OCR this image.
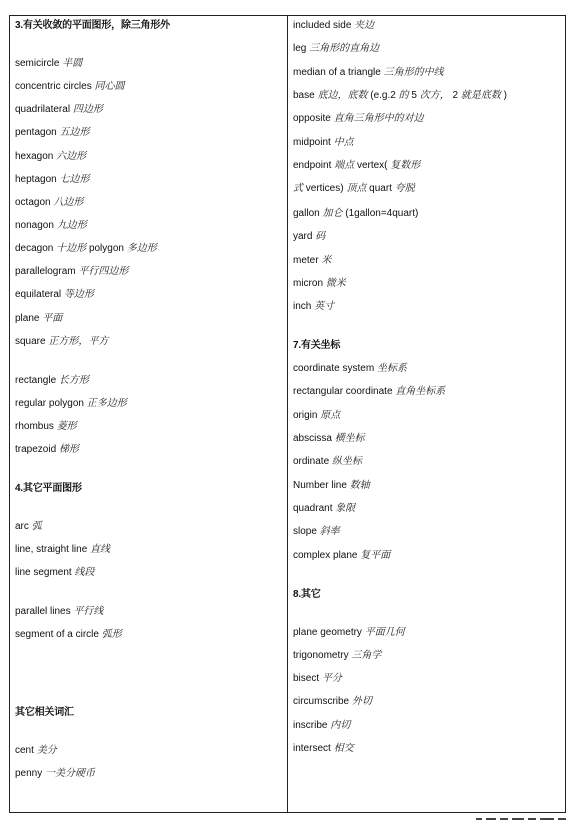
3.有关收敛的平面图形，除三角形外
semicircle 半圆
concentric circles 同心圆
quadrilateral 四边形
pentagon 五边形
hexagon 六边形
heptagon 七边形
octagon 八边形
nonagon 九边形
decagon 十边形 polygon 多边形
parallelogram 平行四边形
equilateral 等边形
plane 平面
square 正方形，平方
rectangle 长方形
regular polygon 正多边形
rhombus 菱形
trapezoid 梯形
4.其它平面图形
arc 弧
line, straight line 直线
line segment 线段
parallel lines 平行线
segment of a circle 弧形
其它相关词汇
cent 美分
penny 一美分硬币
included side 夹边
leg 三角形的直角边
median of a triangle 三角形的中线
base 底边，底数 (e.g.2 的 5 次方， 2 就是底数 )
opposite 直角三角形中的对边
midpoint 中点
endpoint 端点 vertex( 复数形
式 vertices) 顶点 quart 夸脱
gallon 加仑 (1gallon=4quart)
yard 码
meter 米
micron 微米
inch 英寸
7.有关坐标
coordinate system 坐标系
rectangular coordinate 直角坐标系
origin 原点
abscissa 横坐标
ordinate 纵坐标
Number line 数轴
quadrant 象限
slope 斜率
complex plane 复平面
8.其它
plane geometry 平面几何
trigonometry 三角学
bisect 平分
circumscribe 外切
inscribe 内切
intersect 相交
